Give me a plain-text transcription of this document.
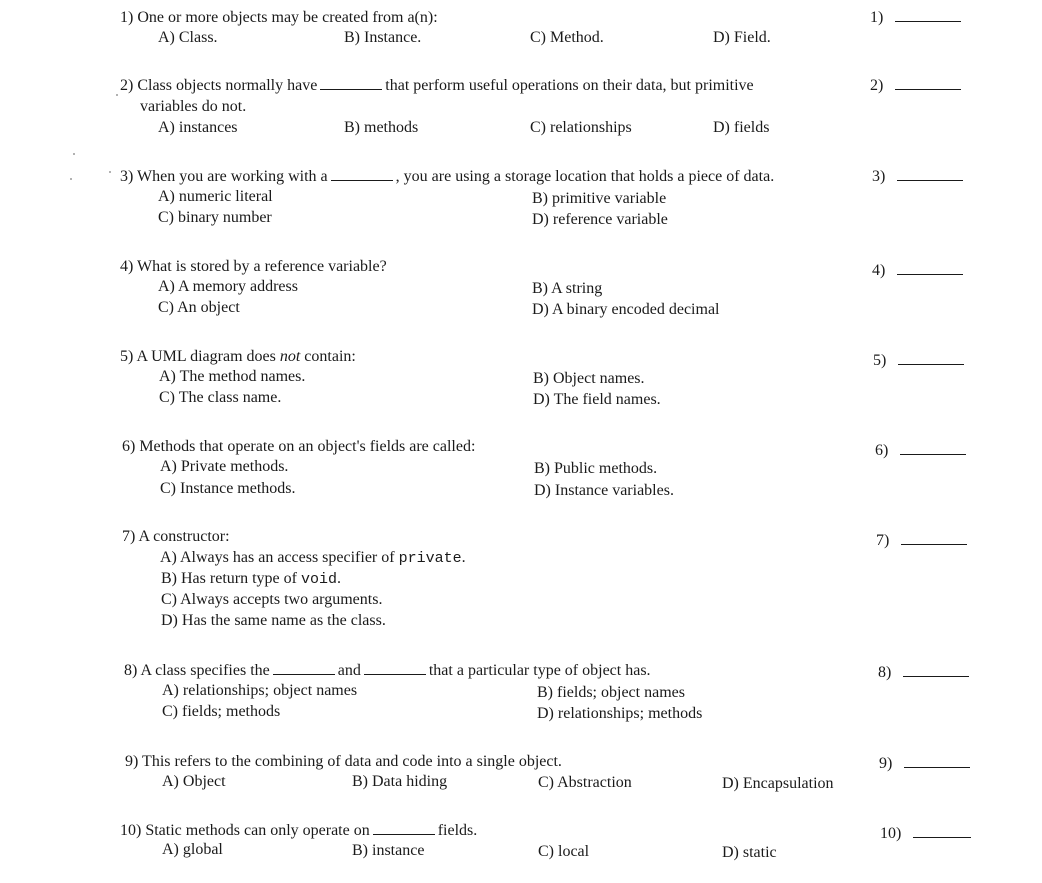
1) One or more objects may be created from a(n):	1)
A) Class.	B) Instance.	C) Method.	D) Field.
2) Class objects normally have	that perform useful operations on their data, but primitive
variables do not.
2)
A) instances	B) methods	C) relationships	D) fields
3) When you are working with a	, you are using a storage location that holds a piece of data.	3)
A) numeric literal	B) primitive variable
C) binary number	D) reference variable
4) What is stored by a reference variable?	4)
A) A memory address	B) A string
C) An object	D) A binary encoded decimal
5) A UML diagram does not contain:	5)
A) The method names.	B) Object names.
C) The class name.	D) The field names.
6) Methods that operate on an object's fields are called:	6)
A) Private methods.	B) Public methods.
C) Instance methods.	D) Instance variables.
7) A constructor:	7)
A) Always has an access specifier of private.
B) Has return type of void.
C) Always accepts two arguments.
D) Has the same name as the class.
8) A class specifies the	and	that a particular type of object has.	8)
A) relationships; object names	B) fields; object names
C) fields; methods	D) relationships; methods
9) This refers to the combining of data and code into a single object.	9)
A) Object	B) Data hiding	C) Abstraction	D) Encapsulation
10) Static methods can only operate on	fields.	10)
A) global	B) instance	C) local	D) static
